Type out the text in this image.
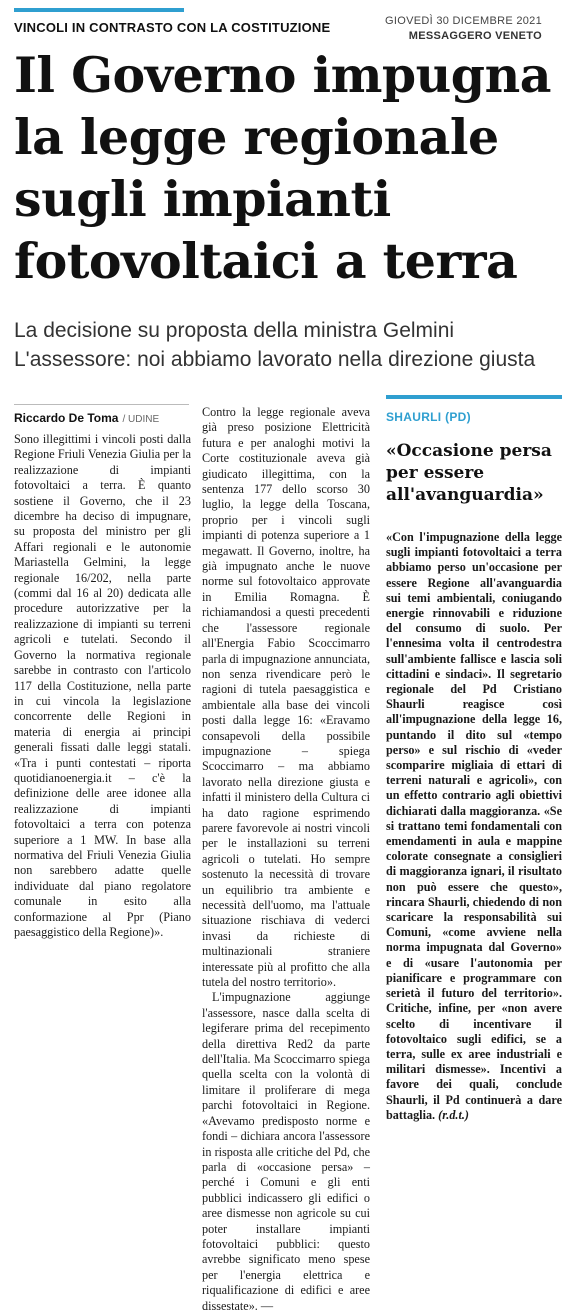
VINCOLI IN CONTRASTO CON LA COSTITUZIONE	GIOVEDÌ 30 DICEMBRE 2021
MESSAGGERO VENETO
Il Governo impugna la legge regionale sugli impianti fotovoltaici a terra
La decisione su proposta della ministra Gelmini
L'assessore: noi abbiamo lavorato nella direzione giusta
Riccardo De Toma / UDINE

Sono illegittimi i vincoli posti dalla Regione Friuli Venezia Giulia per la realizzazione di impianti fotovoltaici a terra. È quanto sostiene il Governo, che il 23 dicembre ha deciso di impugnare, su proposta del ministro per gli Affari regionali e le autonomie Mariastella Gelmini, la legge regionale 16/202, nella parte (commi dal 16 al 20) dedicata alle procedure autorizzative per la realizzazione di impianti su terreni agricoli e tutelati. Secondo il Governo la normativa regionale sarebbe in contrasto con l'articolo 117 della Costituzione, nella parte in cui vincola la legislazione concorrente delle Regioni in materia di energia ai principi generali fissati dalle leggi statali. «Tra i punti contestati – riporta quotidianoenergia.it – c'è la definizione delle aree idonee alla realizzazione di impianti fotovoltaici a terra con potenza superiore a 1 MW. In base alla normativa del Friuli Venezia Giulia non sarebbero adatte quelle individuate dal piano regolatore comunale in esito alla conformazione al Ppr (Piano paesaggistico della Regione)».

Contro la legge regionale aveva già preso posizione Elettricità futura e per analoghi motivi la Corte costituzionale aveva già giudicato illegittima, con la sentenza 177 dello scorso 30 luglio, la legge della Toscana, proprio per i vincoli sugli impianti di potenza superiore a 1 megawatt. Il Governo, inoltre, ha già impugnato anche le nuove norme sul fotovoltaico approvate in Emilia Romagna. È richiamandosi a questi precedenti che l'assessore regionale all'Energia Fabio Scoccimarro parla di impugnazione annunciata, non senza rivendicare però le ragioni di tutela paesaggistica e ambientale alla base dei vincoli posti dalla legge 16: «Eravamo consapevoli della possibile impugnazione – spiega Scoccimarro – ma abbiamo lavorato nella direzione giusta e infatti il ministero della Cultura ci ha dato ragione esprimendo parere favorevole ai nostri vincoli per le installazioni su terreni agricoli o tutelati. Ho sempre sostenuto la necessità di trovare un equilibrio tra ambiente e necessità dell'uomo, ma l'attuale situazione rischiava di vederci invasi da richieste di multinazionali straniere interessate più al profitto che alla tutela del nostro territorio».

L'impugnazione aggiunge l'assessore, nasce dalla scelta di legiferare prima del recepimento della direttiva Red2 da parte dell'Italia. Ma Scoccimarro spiega quella scelta con la volontà di limitare il proliferare di mega parchi fotovoltaici in Regione. «Avevamo predisposto norme e fondi – dichiara ancora l'assessore in risposta alle critiche del Pd, che parla di «occasione persa» – perché i Comuni e gli enti pubblici indicassero gli edifici o aree dismesse non agricole su cui poter installare impianti fotovoltaici pubblici: questo avrebbe significato meno spese per l'energia elettrica e riqualificazione di edifici e aree dissestate». —

SHAURLI (PD)
«Occasione persa per essere all'avanguardia»
«Con l'impugnazione della legge sugli impianti fotovoltaici a terra abbiamo perso un'occasione per essere Regione all'avanguardia sui temi ambientali, coniugando energie rinnovabili e riduzione del consumo di suolo. Per l'ennesima volta il centrodestra sull'ambiente fallisce e lascia soli cittadini e sindaci». Il segretario regionale del Pd Cristiano Shaurli reagisce così all'impugnazione della legge 16, puntando il dito sul «tempo perso» e sul rischio di «veder scomparire migliaia di ettari di terreni naturali e agricoli», con un effetto contrario agli obiettivi dichiarati dalla maggioranza. «Se si trattano temi fondamentali con emendamenti in aula e mappine colorate consegnate a consiglieri di maggioranza ignari, il risultato non può essere che questo», rincara Shaurli, chiedendo di non scaricare la responsabilità sui Comuni, «come avviene nella norma impugnata dal Governo» e di «usare l'autonomia per pianificare e programmare con serietà il futuro del territorio». Critiche, infine, per «non avere scelto di incentivare il fotovoltaico sugli edifici, se a terra, sulle ex aree industriali e militari dismesse». Incentivi a favore dei quali, conclude Shaurli, il Pd continuerà a dare battaglia. (r.d.t.)
